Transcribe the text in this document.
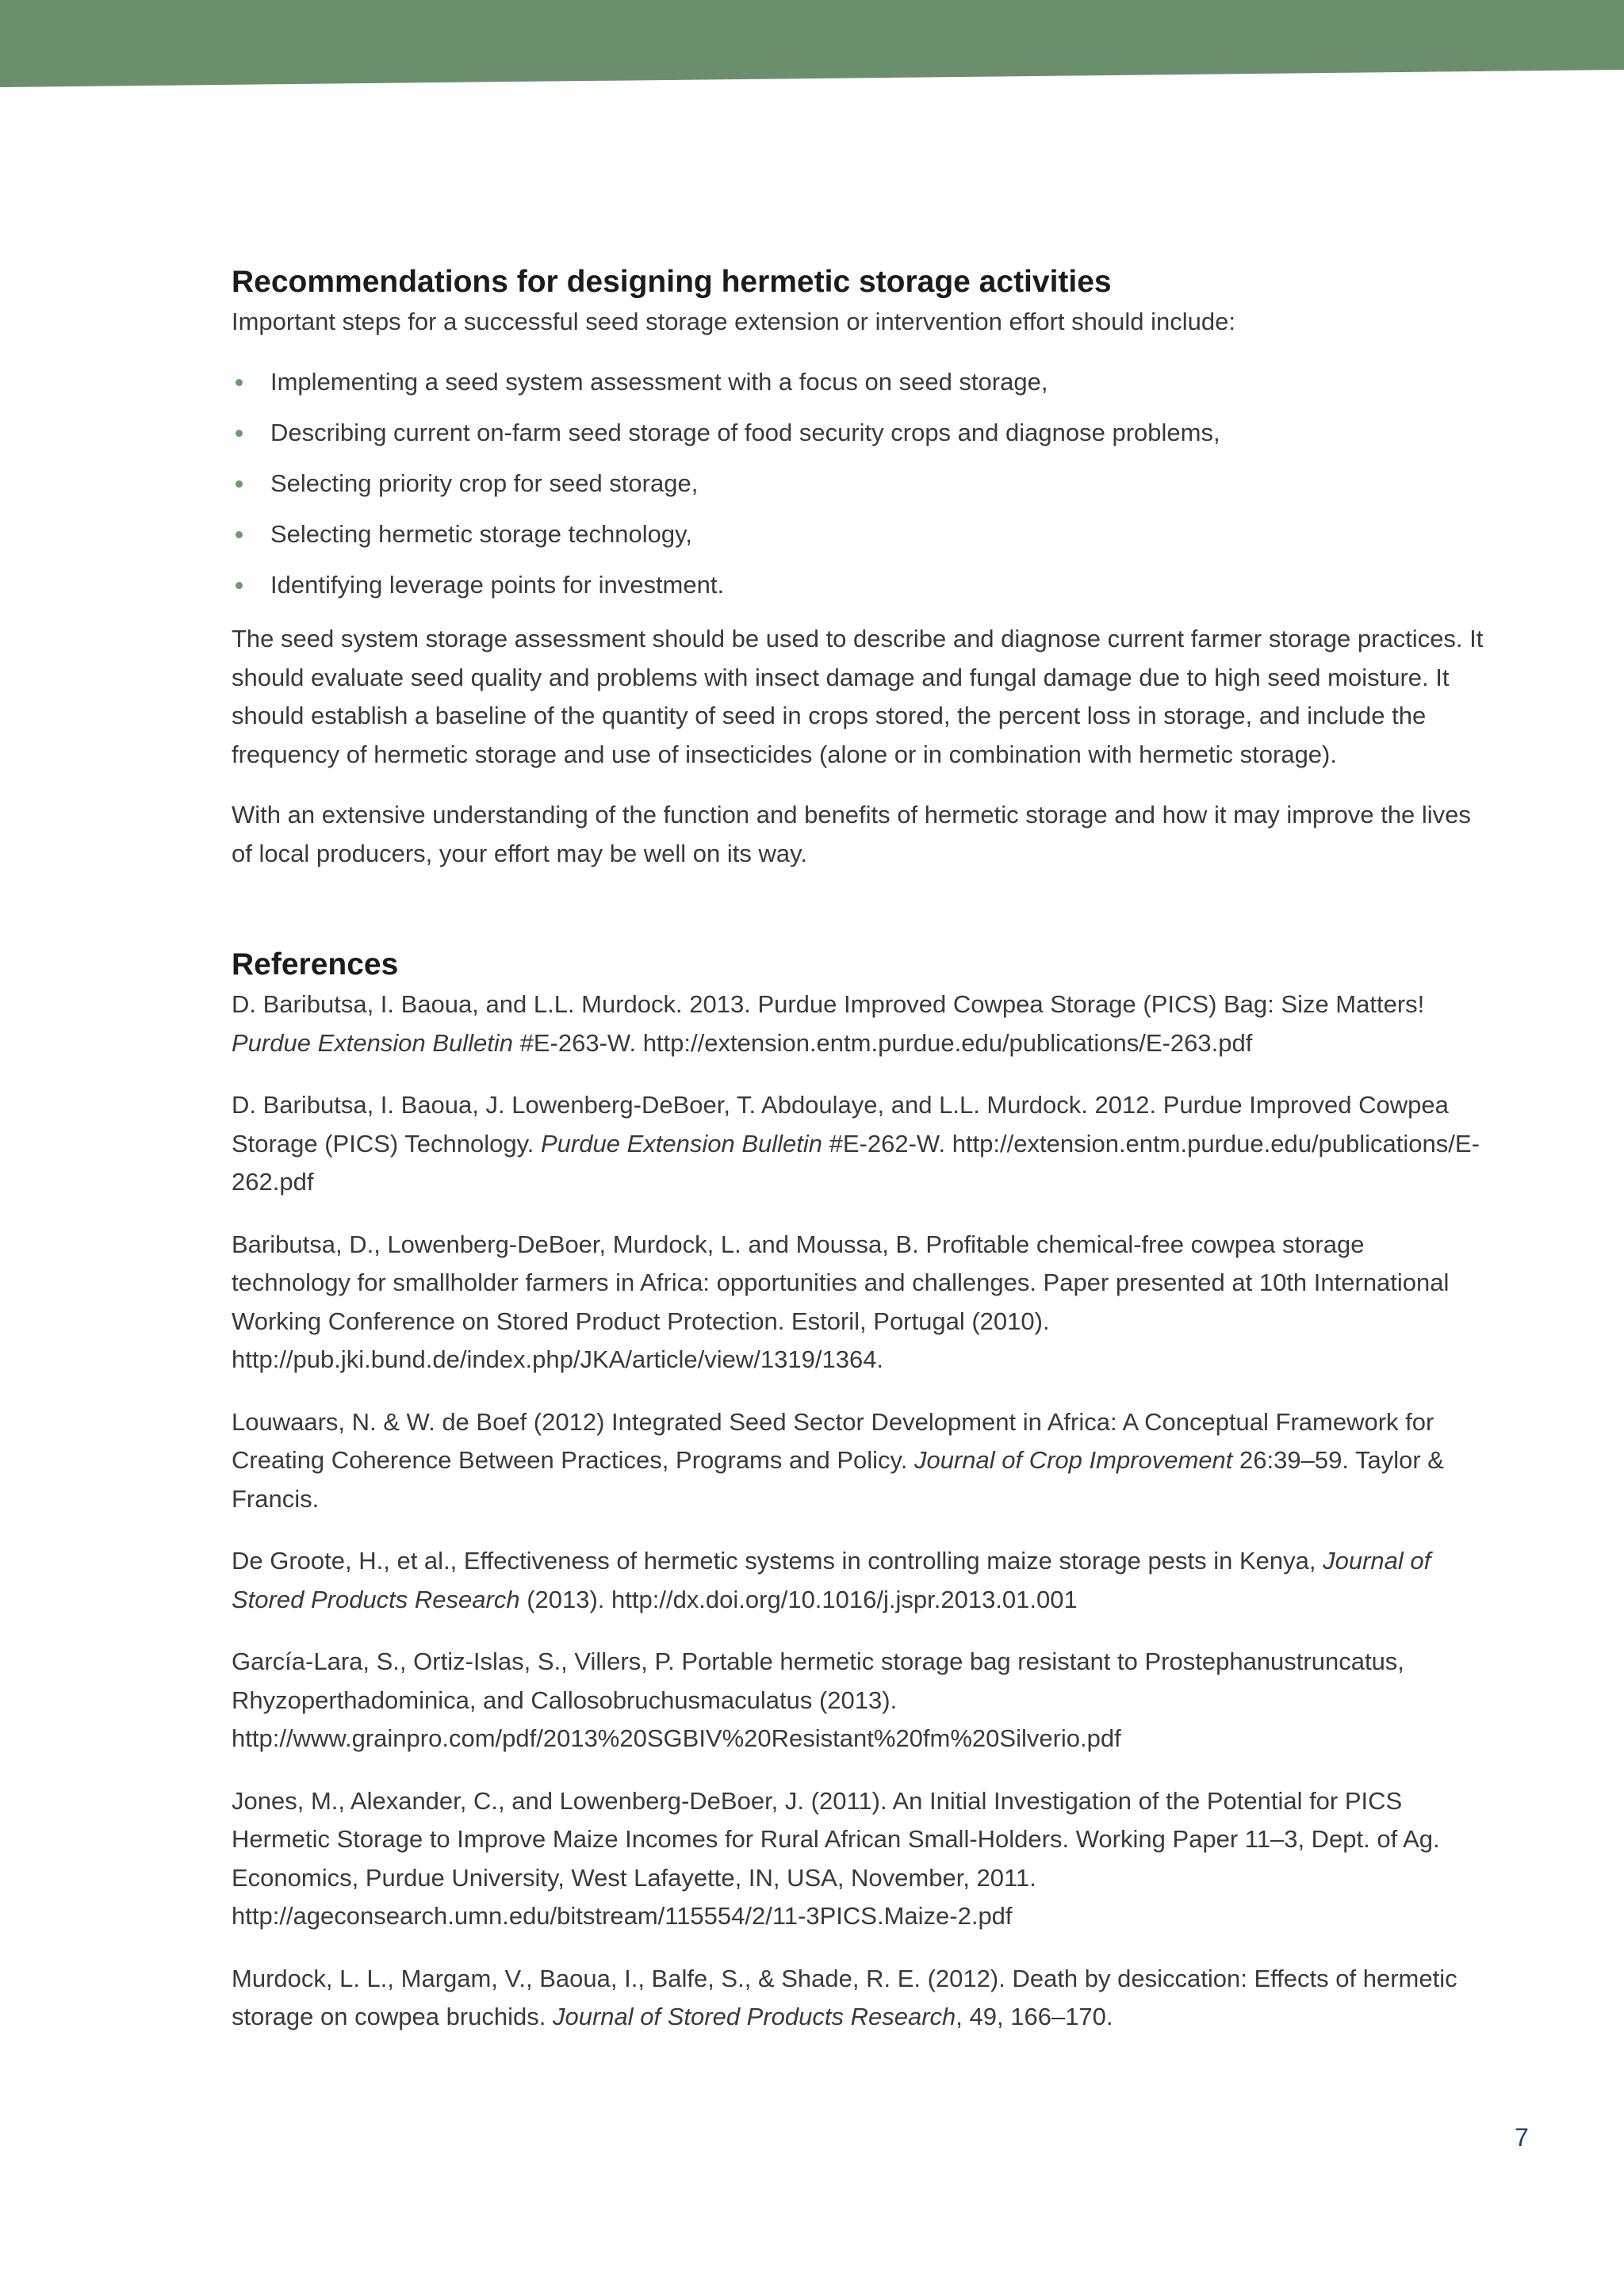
Recommendations for designing hermetic storage activities

Important steps for a successful seed storage extension or intervention effort should include:

Implementing a seed system assessment with a focus on seed storage,
Describing current on-farm seed storage of food security crops and diagnose problems,
Selecting priority crop for seed storage,
Selecting hermetic storage technology,
Identifying leverage points for investment.

The seed system storage assessment should be used to describe and diagnose current farmer storage practices. It should evaluate seed quality and problems with insect damage and fungal damage due to high seed moisture. It should establish a baseline of the quantity of seed in crops stored, the percent loss in storage, and include the frequency of hermetic storage and use of insecticides (alone or in combination with hermetic storage).

With an extensive understanding of the function and benefits of hermetic storage and how it may improve the lives of local producers, your effort may be well on its way.

References

D. Baributsa, I. Baoua, and L.L. Murdock. 2013. Purdue Improved Cowpea Storage (PICS) Bag: Size Matters! Purdue Extension Bulletin #E-263-W. http://extension.entm.purdue.edu/publications/E-263.pdf

D. Baributsa, I. Baoua, J. Lowenberg-DeBoer, T. Abdoulaye, and L.L. Murdock. 2012. Purdue Improved Cowpea Storage (PICS) Technology. Purdue Extension Bulletin #E-262-W. http://extension.entm.purdue.edu/publications/E-262.pdf

Baributsa, D., Lowenberg-DeBoer, Murdock, L. and Moussa, B. Profitable chemical-free cowpea storage technology for smallholder farmers in Africa: opportunities and challenges. Paper presented at 10th International Working Conference on Stored Product Protection. Estoril, Portugal (2010). http://pub.jki.bund.de/index.php/JKA/article/view/1319/1364.

Louwaars, N. & W. de Boef (2012) Integrated Seed Sector Development in Africa: A Conceptual Framework for Creating Coherence Between Practices, Programs and Policy. Journal of Crop Improvement 26:39–59. Taylor & Francis.

De Groote, H., et al., Effectiveness of hermetic systems in controlling maize storage pests in Kenya, Journal of Stored Products Research (2013). http://dx.doi.org/10.1016/j.jspr.2013.01.001

García-Lara, S., Ortiz-Islas, S., Villers, P. Portable hermetic storage bag resistant to Prostephanustruncatus, Rhyzoperthadominica, and Callosobruchusmaculatus (2013). http://www.grainpro.com/pdf/2013%20SGBIV%20Resistant%20fm%20Silverio.pdf

Jones, M., Alexander, C., and Lowenberg-DeBoer, J. (2011). An Initial Investigation of the Potential for PICS Hermetic Storage to Improve Maize Incomes for Rural African Small-Holders. Working Paper 11–3, Dept. of Ag. Economics, Purdue University, West Lafayette, IN, USA, November, 2011. http://ageconsearch.umn.edu/bitstream/115554/2/11-3PICS.Maize-2.pdf

Murdock, L. L., Margam, V., Baoua, I., Balfe, S., & Shade, R. E. (2012). Death by desiccation: Effects of hermetic storage on cowpea bruchids. Journal of Stored Products Research, 49, 166–170.

7
